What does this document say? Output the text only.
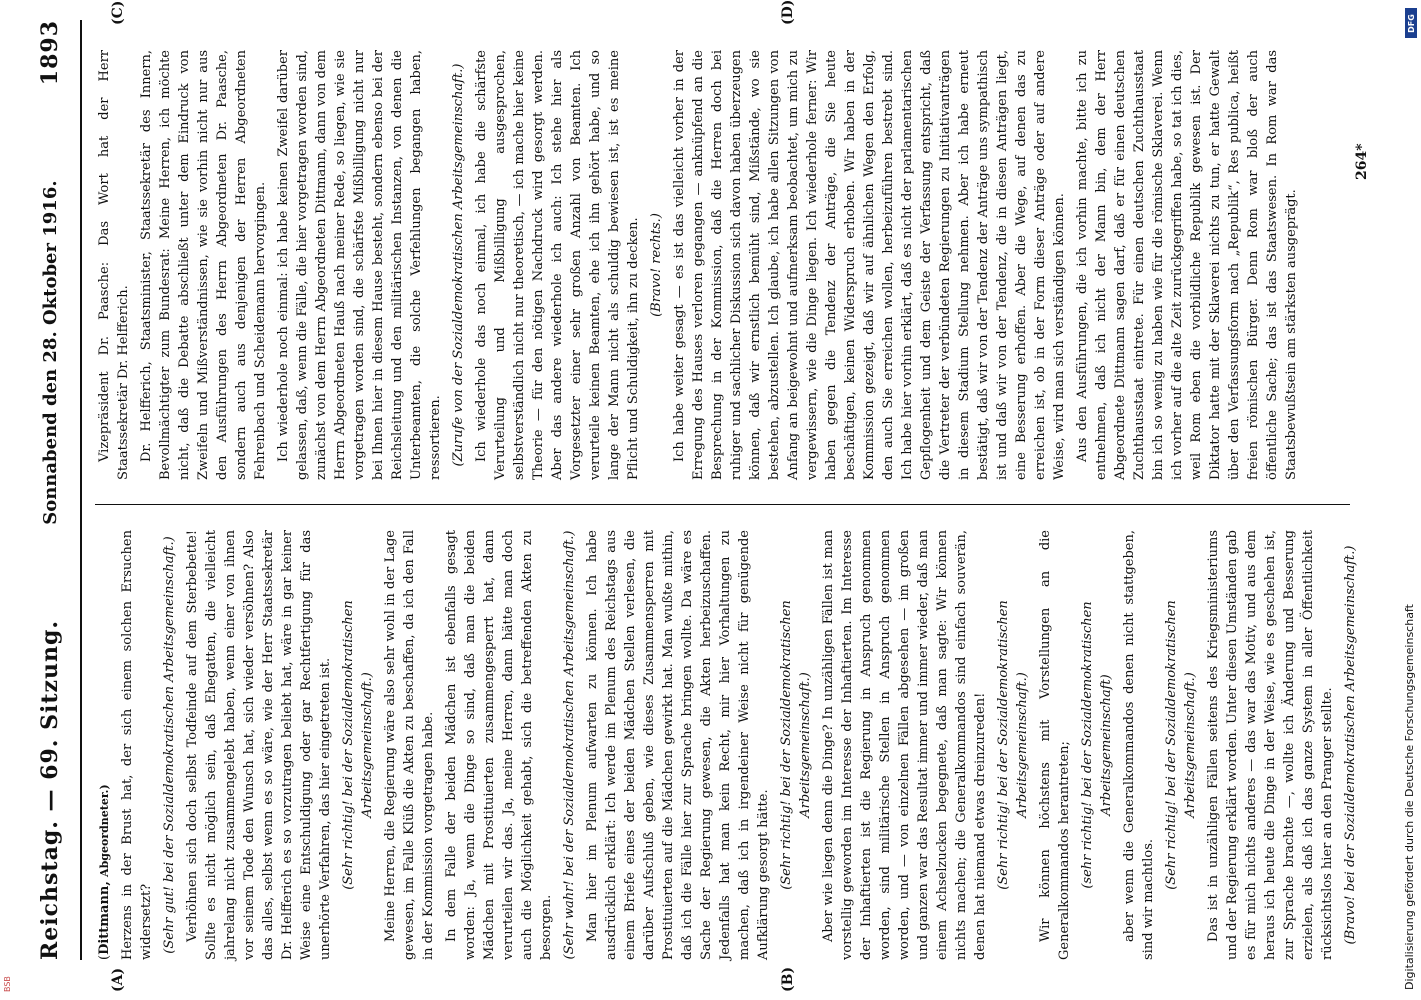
Reichstag. — 69. Sitzung.
Sonnabend den 28. Oktober 1916.
1893
(A)	(B)
(C)	(D)

(Dittmann, Abgeordneter.) Herzens in der Brust hat, der sich einem solchen Ersuchen widersetzt? (Sehr gut! bei der Sozialdemokratischen Arbeitsgemeinschaft.) Verhöhnen sich doch selbst Todfeinde auf dem Sterbebette! Sollte es nicht möglich sein, daß Ehegatten, die vielleicht jahrelang nicht zusammengelebt haben, wenn einer von ihnen vor seinem Tode den Wunsch hat, sich wieder versöhnen? Also das alles, selbst wenn es so wäre, wie der Herr Staatssekretär Dr. Helfferich es so vorzutragen beliebt hat, wäre in gar keiner Weise eine Entschuldigung oder gar Rechtfertigung für das unerhörte Verfahren, das hier eingetreten ist. (Sehr richtig! bei der Sozialdemokratischen Arbeitsgemeinschaft.) Meine Herren, die Regierung wäre also sehr wohl in der Lage gewesen, im Falle Klüß die Akten zu beschaffen, da ich den Fall in der Kommission vorgetragen habe. In dem Falle der beiden Mädchen ist ebenfalls gesagt worden: Ja, wenn die Dinge so sind, daß man die beiden Mädchen mit Prostituierten zusammengesperrt hat, dann verurteilen wir das. Ja, meine Herren, dann hätte man doch auch die Möglichkeit gehabt, sich die betreffenden Akten zu besorgen. (Sehr wahr! bei der Sozialdemokratischen Arbeitsgemeinschaft.) Man hier im Plenum aufwarten zu können. Ich habe ausdrücklich erklärt: Ich werde im Plenum des Reichstags aus einem Briefe eines der beiden Mädchen Stellen verlesen, die darüber Aufschluß geben, wie dieses Zusammensperren mit Prostituierten auf die Mädchen gewirkt hat. Man wußte mithin, daß ich die Fälle hier zur Sprache bringen wollte. Da wäre es Sache der Regierung gewesen, die Akten herbeizuschaffen. Jedenfalls hat man kein Recht, mir hier Vorhaltungen zu machen, daß ich in irgendeiner Weise nicht für genügende Aufklärung gesorgt hätte. (Sehr richtig! bei der Sozialdemokratischen Arbeitsgemeinschaft.) Aber wie liegen denn die Dinge? In unzähligen Fällen ist man vorstellig geworden im Interesse der Inhaftierten. Im Interesse der Inhaftierten ist die Regierung in Anspruch genommen worden, sind militärische Stellen in Anspruch genommen worden, und — von einzelnen Fällen abgesehen — im großen und ganzen war das Resultat immer und immer wieder, daß man einem Achselzucken begegnete, daß man sagte: Wir können nichts machen; die Generalkommandos sind einfach souverän, denen hat niemand etwas dreinzureden! (Sehr richtig! bei der Sozialdemokratischen Arbeitsgemeinschaft.) Wir können höchstens mit Vorstellungen an die Generalkommandos herantreten; (sehr richtig! bei der Sozialdemokratischen Arbeitsgemeinschaft) aber wenn die Generalkommandos denen nicht stattgeben, sind wir machtlos.

(Sehr richtig! bei der Sozialdemokratischen Arbeitsgemeinschaft.) Das ist in unzähligen Fällen seitens des Kriegsministeriums und der Regierung erklärt worden. Unter diesen Umständen gab es für mich nichts anderes — das war das Motiv, und aus dem heraus ich heute die Dinge in der Weise, wie es geschehen ist, zur Sprache brachte —, wollte ich Änderung und Besserung erzielen, als daß ich das ganze System in aller Öffentlichkeit rücksichtslos hier an den Pranger stellte. (Bravo! bei der Sozialdemokratischen Arbeitsgemeinschaft.)

Vizepräsident Dr. Paasche: Das Wort hat der Herr Staatssekretär Dr. Helfferich. Dr. Helfferich, Staatsminister, Staatssekretär des Innern, Bevollmächtigter zum Bundesrat: Meine Herren, ich möchte nicht, daß die Debatte abschließt unter dem Eindruck von Zweifeln und Mißverständnissen, wie sie vorhin nicht nur aus den Ausführungen des Herrn Abgeordneten Dr. Paasche, sondern auch aus denjenigen der Herren Abgeordneten Fehrenbach und Scheidemann hervorgingen. Ich wiederhole noch einmal: ich habe keinen Zweifel darüber gelassen, daß, wenn die Fälle, die hier vorgetragen worden sind, zunächst von dem Herrn Abgeordneten Dittmann, dann von dem Herrn Abgeordneten Hauß nach meiner Rede, so liegen, wie sie vorgetragen worden sind, die schärfste Mißbilligung nicht nur bei Ihnen hier in diesem Hause besteht, sondern ebenso bei der Reichsleitung und den militärischen Instanzen, von denen die Unterbeamten, die solche Verfehlungen begangen haben, ressortieren. (Zurufe von der Sozialdemokratischen Arbeitsgemeinschaft.) Ich wiederhole das noch einmal, ich habe die schärfste Verurteilung und Mißbilligung ausgesprochen, selbstverständlich nicht nur theoretisch, — ich mache hier keine Theorie — für den nötigen Nachdruck wird gesorgt werden. Aber das andere wiederhole ich auch: Ich stehe hier als Vorgesetzter einer sehr großen Anzahl von Beamten. Ich verurteile keinen Beamten, ehe ich ihn gehört habe, und so lange der Mann nicht als schuldig bewiesen ist, ist es meine Pflicht und Schuldigkeit, ihn zu decken. (Bravo! rechts.) Ich habe weiter gesagt — es ist das vielleicht vorher in der Erregung des Hauses verloren gegangen — anknüpfend an die Besprechung in der Kommission, daß die Herren doch bei ruhiger und sachlicher Diskussion sich davon haben überzeugen können, daß wir ernstlich bemüht sind, Mißstände, wo sie bestehen, abzustellen. Ich glaube, ich habe allen Sitzungen von Anfang an beigewohnt und aufmerksam beobachtet, um mich zu vergewissern, wie die Dinge liegen. Ich wiederhole ferner: Wir haben gegen die Tendenz der Anträge, die Sie heute beschäftigen, keinen Widerspruch erhoben. Wir haben in der Kommission gezeigt, daß wir auf ähnlichen Wegen den Erfolg, den auch Sie erreichen wollen, herbeizuführen bestrebt sind. Ich habe hier vorhin erklärt, daß es nicht der parlamentarischen Gepflogenheit und dem Geiste der Verfassung entspricht, daß die Vertreter der verbündeten Regierungen zu Initiativanträgen in diesem Stadium Stellung nehmen. Aber ich habe erneut bestätigt, daß wir von der Tendenz der Anträge uns sympathisch ist und daß wir von der Tendenz, die in diesen Anträgen liegt, eine Besserung erhoffen. Aber die Wege, auf denen das zu erreichen ist, ob in der Form dieser Anträge oder auf andere Weise, wird man sich verständigen können. Aus den Ausführungen, die ich vorhin machte, bitte ich zu entnehmen, daß ich nicht der Mann bin, dem der Herr Abgeordnete Dittmann sagen darf, daß er für einen deutschen Zuchthausstaat eintrete. Für einen deutschen Zuchthausstaat bin ich so wenig zu haben wie für die römische Sklaverei. Wenn ich vorher auf die alte Zeit zurückgegriffen habe, so tat ich dies, weil Rom eben die vorbildliche Republik gewesen ist. Der Diktator hatte mit der Sklaverei nichts zu tun, er hatte Gewalt über den Verfassungsform nach „Republik“, Res publica, heißt freien römischen Bürger. Denn Rom war bloß der auch öffentliche Sache; das ist das Staatswesen. In Rom war das Staatsbewußtsein am stärksten ausgeprägt.

264*
Digitalisierung gefördert durch die Deutsche Forschungsgemeinschaft
DFG
BSB
